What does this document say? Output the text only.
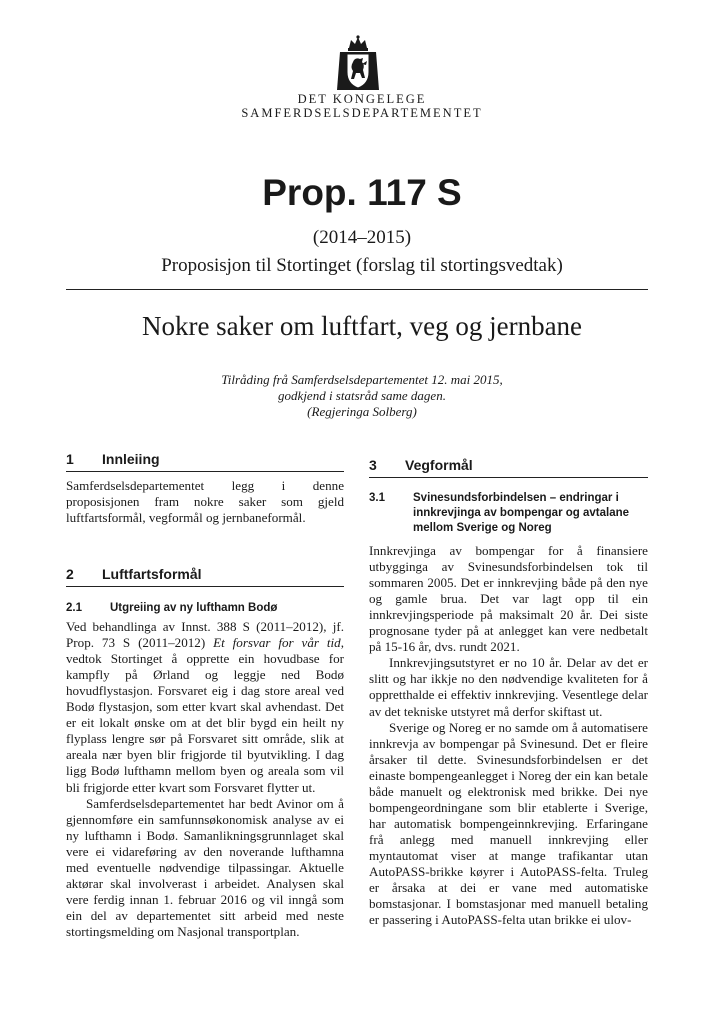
DET KONGELEGE
SAMFERDSELSDEPARTEMENTET
Prop. 117 S
(2014–2015)
Proposisjon til Stortinget (forslag til stortingsvedtak)
Nokre saker om luftfart, veg og jernbane
Tilråding frå Samferdselsdepartementet 12. mai 2015,
godkjend i statsråd same dagen.
(Regjeringa Solberg)
1	Innleiing

Samferdselsdepartementet legg i denne proposisjonen fram nokre saker som gjeld luftfartsformål, vegformål og jernbaneformål.

2	Luftfartsformål
2.1	Utgreiing av ny lufthamn Bodø

Ved behandlinga av Innst. 388 S (2011–2012), jf. Prop. 73 S (2011–2012) Et forsvar for vår tid, vedtok Stortinget å opprette ein hovudbase for kampfly på Ørland og leggje ned Bodø hovudflystasjon. Forsvaret eig i dag store areal ved Bodø flystasjon, som etter kvart skal avhendast. Det er eit lokalt ønske om at det blir bygd ein heilt ny flyplass lengre sør på Forsvaret sitt område, slik at areala nær byen blir frigjorde til byutvikling. I dag ligg Bodø lufthamn mellom byen og areala som vil bli frigjorde etter kvart som Forsvaret flytter ut.

Samferdselsdepartementet har bedt Avinor om å gjennomføre ein samfunnsøkonomisk analyse av ei ny lufthamn i Bodø. Samanlikningsgrunnlaget skal vere ei vidareføring av den noverande lufthamna med eventuelle nødvendige tilpassingar. Aktuelle aktørar skal involverast i arbeidet. Analysen skal vere ferdig innan 1. februar 2016 og vil inngå som ein del av departementet sitt arbeid med neste stortingsmelding om Nasjonal transportplan.

3	Vegformål
3.1	Svinesundsforbindelsen – endringar i innkrevjinga av bompengar og avtalane mellom Sverige og Noreg

Innkrevjinga av bompengar for å finansiere utbygginga av Svinesundsforbindelsen tok til sommaren 2005. Det er innkrevjing både på den nye og gamle brua. Det var lagt opp til ein innkrevjingsperiode på maksimalt 20 år. Dei siste prognosane tyder på at anlegget kan vere nedbetalt på 15-16 år, dvs. rundt 2021.

Innkrevjingsutstyret er no 10 år. Delar av det er slitt og har ikkje no den nødvendige kvaliteten for å oppretthalde ei effektiv innkrevjing. Vesentlege delar av det tekniske utstyret må derfor skiftast ut.

Sverige og Noreg er no samde om å automatisere innkrevja av bompengar på Svinesund. Det er fleire årsaker til dette. Svinesundsforbindelsen er det einaste bompengeanlegget i Noreg der ein kan betale både manuelt og elektronisk med brikke. Dei nye bompengeordningane som blir etablerte i Sverige, har automatisk bompengeinnkrevjing. Erfaringane frå anlegg med manuell innkrevjing eller myntautomat viser at mange trafikantar utan AutoPASS-brikke køyrer i AutoPASS-felta. Truleg er årsaka at dei er vane med automatiske bomstasjonar. I bomstasjonar med manuell betaling er passering i AutoPASS-felta utan brikke ei ulov-
